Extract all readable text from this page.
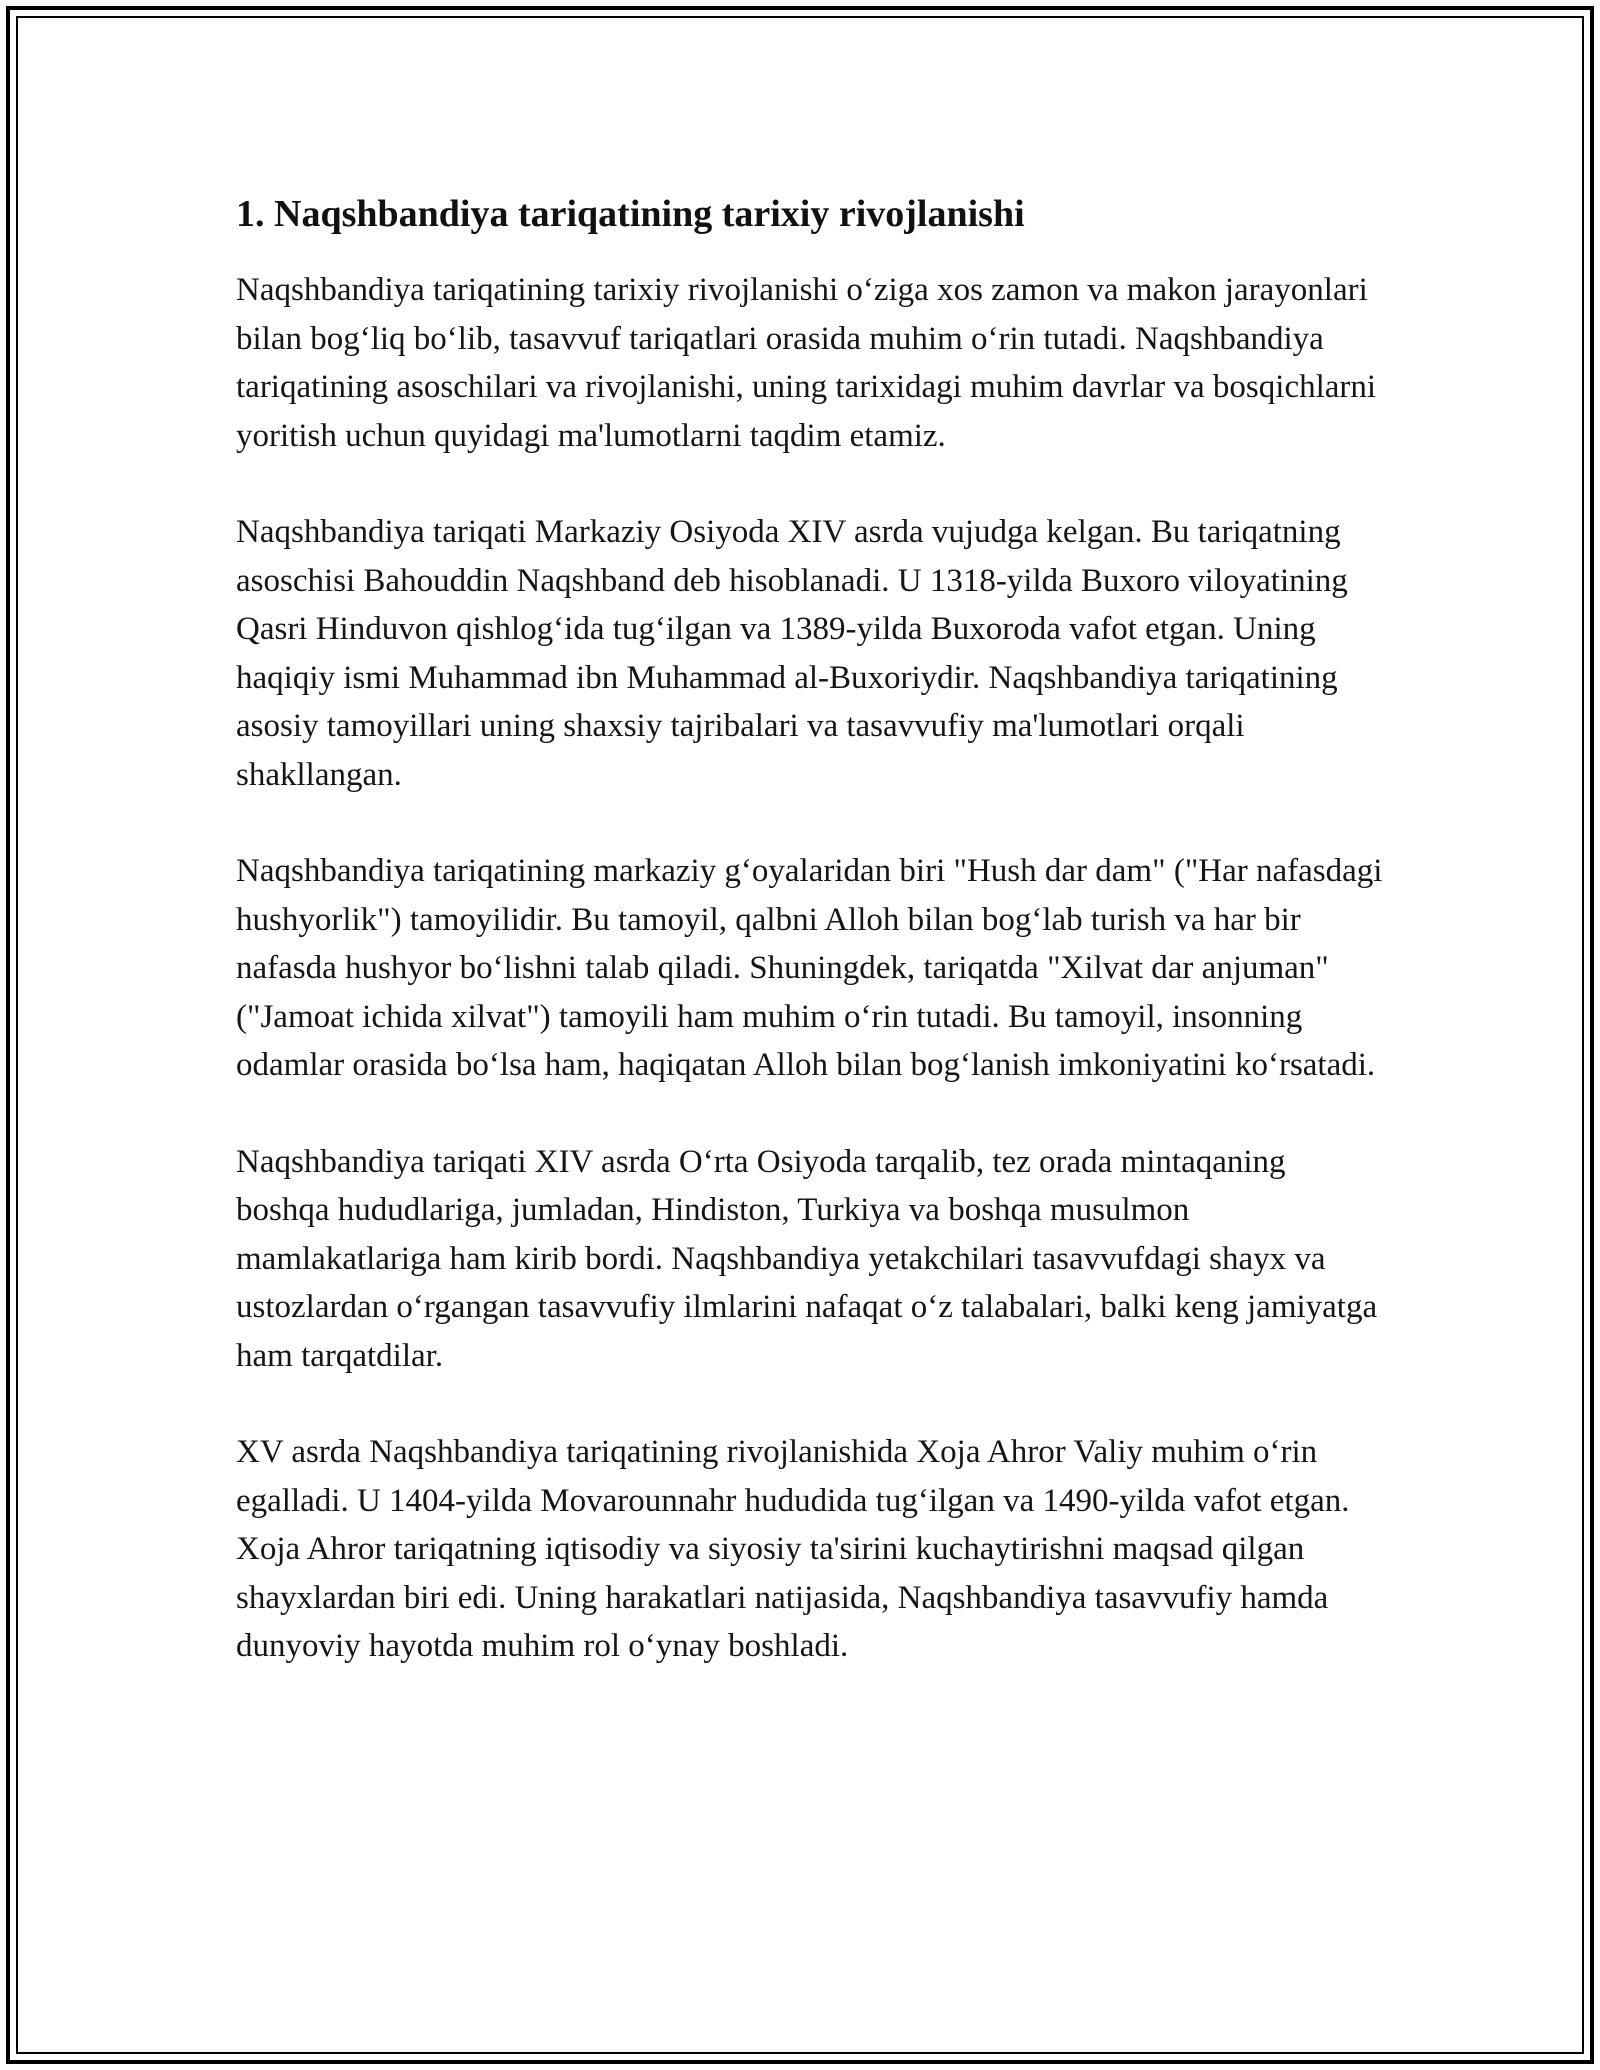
1. Naqshbandiya tariqatining tarixiy rivojlanishi

Naqshbandiya tariqatining tarixiy rivojlanishi o‘ziga xos zamon va makon jarayonlari bilan bog‘liq bo‘lib, tasavvuf tariqatlari orasida muhim o‘rin tutadi. Naqshbandiya tariqatining asoschilari va rivojlanishi, uning tarixidagi muhim davrlar va bosqichlarni yoritish uchun quyidagi ma'lumotlarni taqdim etamiz.

Naqshbandiya tariqati Markaziy Osiyoda XIV asrda vujudga kelgan. Bu tariqatning asoschisi Bahouddin Naqshband deb hisoblanadi. U 1318-yilda Buxoro viloyatining Qasri Hinduvon qishlog‘ida tug‘ilgan va 1389-yilda Buxoroda vafot etgan. Uning haqiqiy ismi Muhammad ibn Muhammad al-Buxoriydir. Naqshbandiya tariqatining asosiy tamoyillari uning shaxsiy tajribalari va tasavvufiy ma'lumotlari orqali shakllangan.

Naqshbandiya tariqatining markaziy g‘oyalaridan biri "Hush dar dam" ("Har nafasdagi hushyorlik") tamoyilidir. Bu tamoyil, qalbni Alloh bilan bog‘lab turish va har bir nafasda hushyor bo‘lishni talab qiladi. Shuningdek, tariqatda "Xilvat dar anjuman" ("Jamoat ichida xilvat") tamoyili ham muhim o‘rin tutadi. Bu tamoyil, insonning odamlar orasida bo‘lsa ham, haqiqatan Alloh bilan bog‘lanish imkoniyatini ko‘rsatadi.

Naqshbandiya tariqati XIV asrda O‘rta Osiyoda tarqalib, tez orada mintaqaning boshqa hududlariga, jumladan, Hindiston, Turkiya va boshqa musulmon mamlakatlariga ham kirib bordi. Naqshbandiya yetakchilari tasavvufdagi shayx va ustozlardan o‘rgangan tasavvufiy ilmlarini nafaqat o‘z talabalari, balki keng jamiyatga ham tarqatdilar.

XV asrda Naqshbandiya tariqatining rivojlanishida Xoja Ahror Valiy muhim o‘rin egalladi. U 1404-yilda Movarounnahr hududida tug‘ilgan va 1490-yilda vafot etgan. Xoja Ahror tariqatning iqtisodiy va siyosiy ta'sirini kuchaytirishni maqsad qilgan shayxlardan biri edi. Uning harakatlari natijasida, Naqshbandiya tasavvufiy hamda dunyoviy hayotda muhim rol o‘ynay boshladi.
